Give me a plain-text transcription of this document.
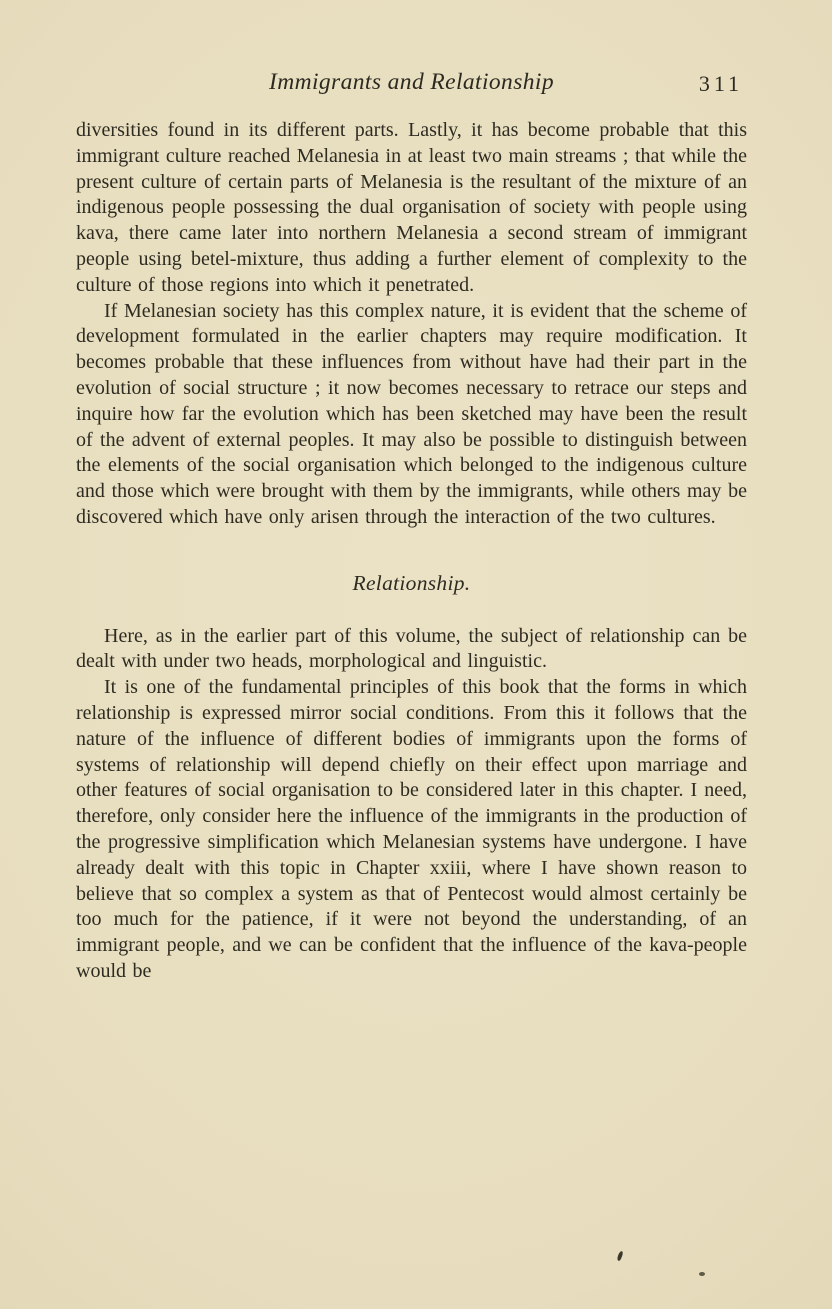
Immigrants and Relationship	311

diversities found in its different parts. Lastly, it has become probable that this immigrant culture reached Melanesia in at least two main streams ; that while the present culture of certain parts of Melanesia is the resultant of the mixture of an indigenous people possessing the dual organisation of society with people using kava, there came later into northern Melanesia a second stream of immigrant people using betel-mixture, thus adding a further element of complexity to the culture of those regions into which it penetrated.

If Melanesian society has this complex nature, it is evident that the scheme of development formulated in the earlier chapters may require modification. It becomes probable that these influences from without have had their part in the evolution of social structure ; it now becomes necessary to retrace our steps and inquire how far the evolution which has been sketched may have been the result of the advent of external peoples. It may also be possible to distinguish between the elements of the social organisation which belonged to the indigenous culture and those which were brought with them by the immigrants, while others may be discovered which have only arisen through the interaction of the two cultures.

Relationship.

Here, as in the earlier part of this volume, the subject of relationship can be dealt with under two heads, morphological and linguistic.

It is one of the fundamental principles of this book that the forms in which relationship is expressed mirror social conditions. From this it follows that the nature of the influence of different bodies of immigrants upon the forms of systems of relationship will depend chiefly on their effect upon marriage and other features of social organisation to be considered later in this chapter. I need, therefore, only consider here the influence of the immigrants in the production of the progressive simplification which Melanesian systems have undergone. I have already dealt with this topic in Chapter xxiii, where I have shown reason to believe that so complex a system as that of Pentecost would almost certainly be too much for the patience, if it were not beyond the understanding, of an immigrant people, and we can be confident that the influence of the kava-people would be
